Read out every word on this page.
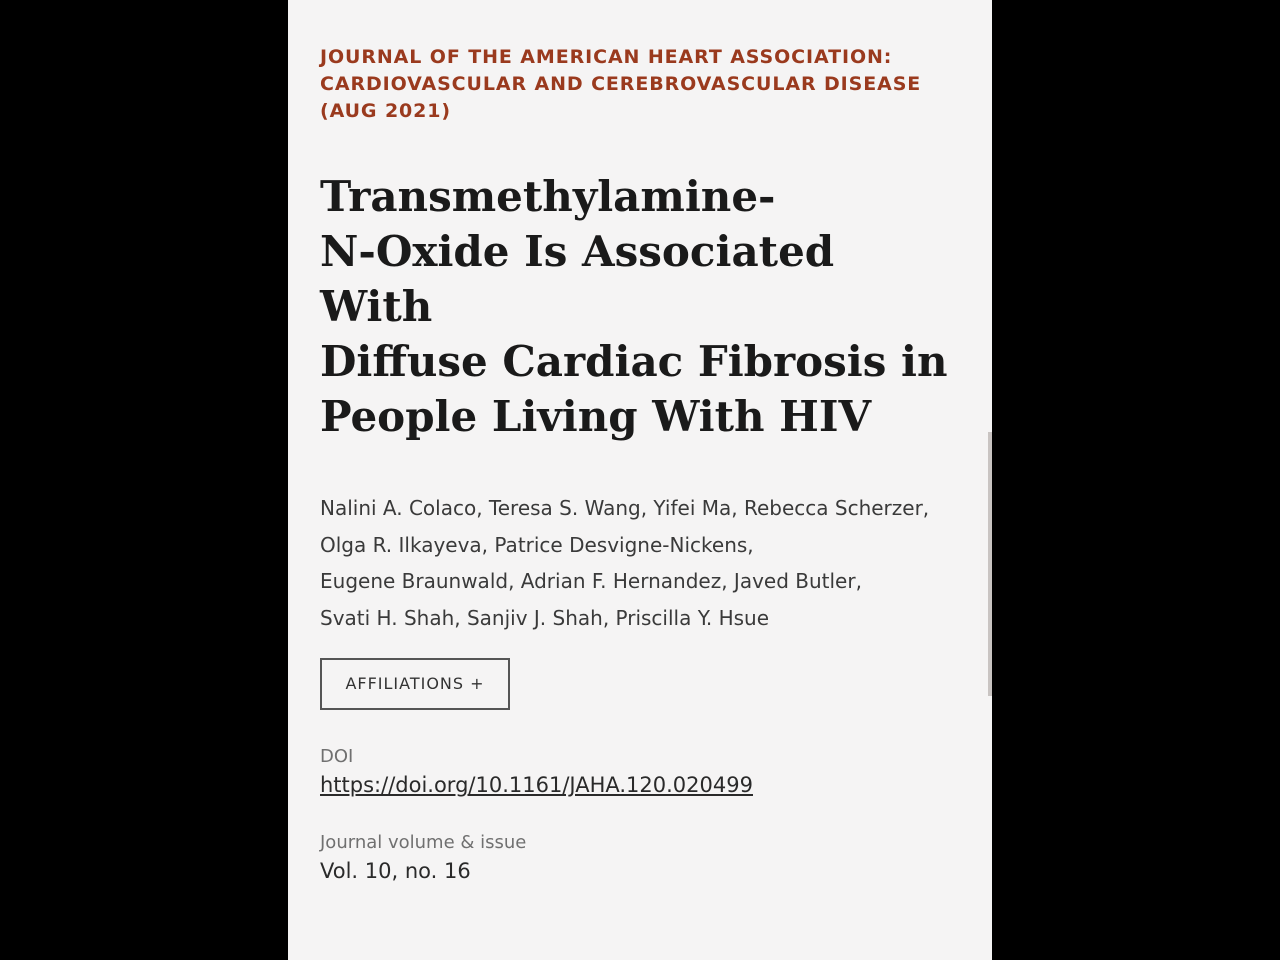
JOURNAL OF THE AMERICAN HEART ASSOCIATION:
CARDIOVASCULAR AND CEREBROVASCULAR DISEASE
(AUG 2021)
Transmethylamine-
N-Oxide Is Associated With
Diffuse Cardiac Fibrosis in
People Living With HIV
Nalini A. Colaco, Teresa S. Wang, Yifei Ma, Rebecca Scherzer,
Olga R. Ilkayeva, Patrice Desvigne-Nickens,
Eugene Braunwald, Adrian F. Hernandez, Javed Butler,
Svati H. Shah, Sanjiv J. Shah, Priscilla Y. Hsue
AFFILIATIONS +

DOI

https://doi.org/10.1161/JAHA.120.020499

Journal volume & issue

Vol. 10, no. 16
